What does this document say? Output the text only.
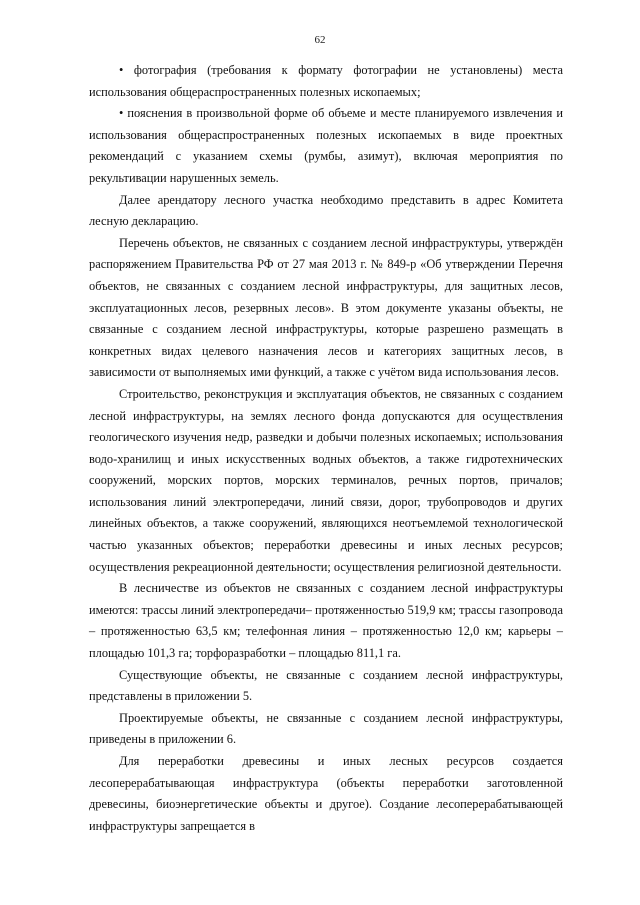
62

• фотография (требования к формату фотографии не установлены) места использования общераспространенных полезных ископаемых;

• пояснения в произвольной форме об объеме и месте планируемого извлечения и использования общераспространенных полезных ископаемых в виде проектных рекомендаций с указанием схемы (румбы, азимут), включая мероприятия по рекультивации нарушенных земель.

Далее арендатору лесного участка необходимо представить в адрес Комитета лесную декларацию.

Перечень объектов, не связанных с созданием лесной инфраструктуры, утверждён распоряжением Правительства РФ от 27 мая 2013 г. № 849-р «Об утверждении Перечня объектов, не связанных с созданием лесной инфраструктуры, для защитных лесов, эксплуатационных лесов, резервных лесов». В этом документе указаны объекты, не связанные с созданием лесной инфраструктуры, которые разрешено размещать в конкретных видах целевого назначения лесов и категориях защитных лесов, в зависимости от выполняемых ими функций, а также с учётом вида использования лесов.

Строительство, реконструкция и эксплуатация объектов, не связанных с созданием лесной инфраструктуры, на землях лесного фонда допускаются для осуществления геологического изучения недр, разведки и добычи полезных ископаемых; использования водо-хранилищ и иных искусственных водных объектов, а также гидротехнических сооружений, морских портов, морских терминалов, речных портов, причалов; использования линий электропередачи, линий связи, дорог, трубопроводов и других линейных объектов, а также сооружений, являющихся неотъемлемой технологической частью указанных объектов; переработки древесины и иных лесных ресурсов; осуществления рекреационной деятельности; осуществления религиозной деятельности.

В лесничестве из объектов не связанных с созданием лесной инфраструктуры имеются: трассы линий электропередачи– протяженностью 519,9 км; трассы газопровода – протяженностью 63,5 км; телефонная линия – протяженностью 12,0 км; карьеры – площадью 101,3 га; торфоразработки – площадью 811,1 га.

Существующие объекты, не связанные с созданием лесной инфраструктуры, представлены в приложении 5.

Проектируемые объекты, не связанные с созданием лесной инфраструктуры, приведены в приложении 6.

Для переработки древесины и иных лесных ресурсов создается лесоперерабатывающая инфраструктура (объекты переработки заготовленной древесины, биоэнергетические объекты и другое). Создание лесоперерабатывающей инфраструктуры запрещается в
